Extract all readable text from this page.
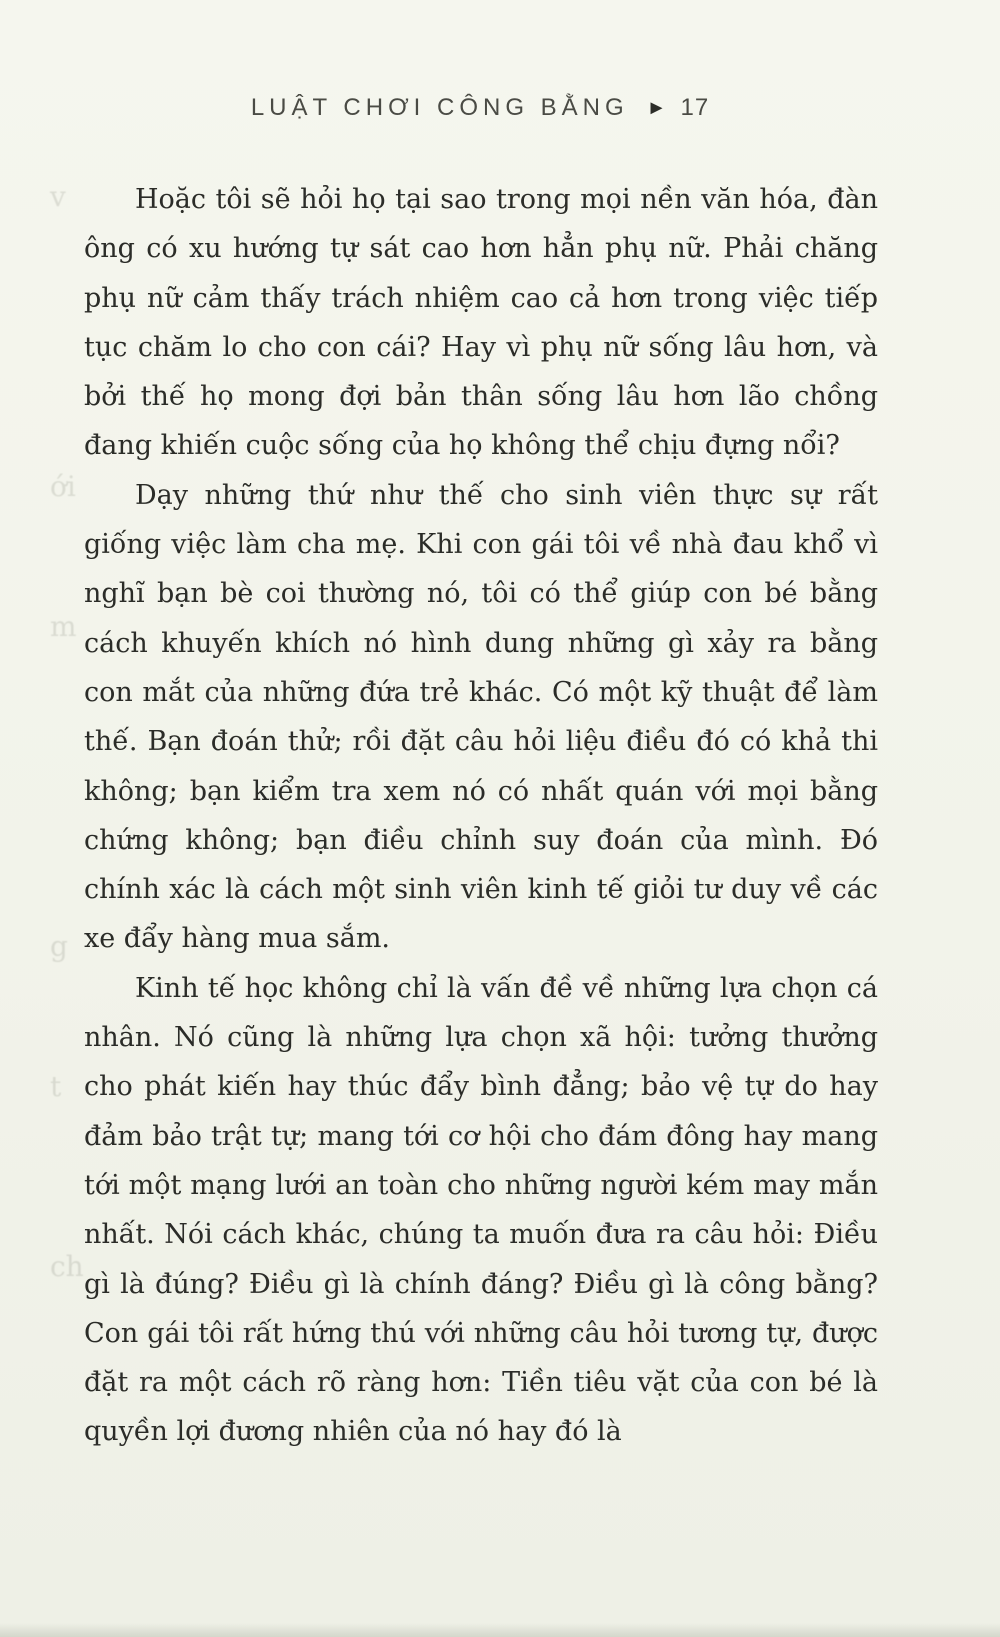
v
ới
m
g
t
ch
LUẬT CHƠI CÔNG BẰNG ► 17

Hoặc tôi sẽ hỏi họ tại sao trong mọi nền văn hóa, đàn ông có xu hướng tự sát cao hơn hẳn phụ nữ. Phải chăng phụ nữ cảm thấy trách nhiệm cao cả hơn trong việc tiếp tục chăm lo cho con cái? Hay vì phụ nữ sống lâu hơn, và bởi thế họ mong đợi bản thân sống lâu hơn lão chồng đang khiến cuộc sống của họ không thể chịu đựng nổi?

Dạy những thứ như thế cho sinh viên thực sự rất giống việc làm cha mẹ. Khi con gái tôi về nhà đau khổ vì nghĩ bạn bè coi thường nó, tôi có thể giúp con bé bằng cách khuyến khích nó hình dung những gì xảy ra bằng con mắt của những đứa trẻ khác. Có một kỹ thuật để làm thế. Bạn đoán thử; rồi đặt câu hỏi liệu điều đó có khả thi không; bạn kiểm tra xem nó có nhất quán với mọi bằng chứng không; bạn điều chỉnh suy đoán của mình. Đó chính xác là cách một sinh viên kinh tế giỏi tư duy về các xe đẩy hàng mua sắm.

Kinh tế học không chỉ là vấn đề về những lựa chọn cá nhân. Nó cũng là những lựa chọn xã hội: tưởng thưởng cho phát kiến hay thúc đẩy bình đẳng; bảo vệ tự do hay đảm bảo trật tự; mang tới cơ hội cho đám đông hay mang tới một mạng lưới an toàn cho những người kém may mắn nhất. Nói cách khác, chúng ta muốn đưa ra câu hỏi: Điều gì là đúng? Điều gì là chính đáng? Điều gì là công bằng? Con gái tôi rất hứng thú với những câu hỏi tương tự, được đặt ra một cách rõ ràng hơn: Tiền tiêu vặt của con bé là quyền lợi đương nhiên của nó hay đó là
